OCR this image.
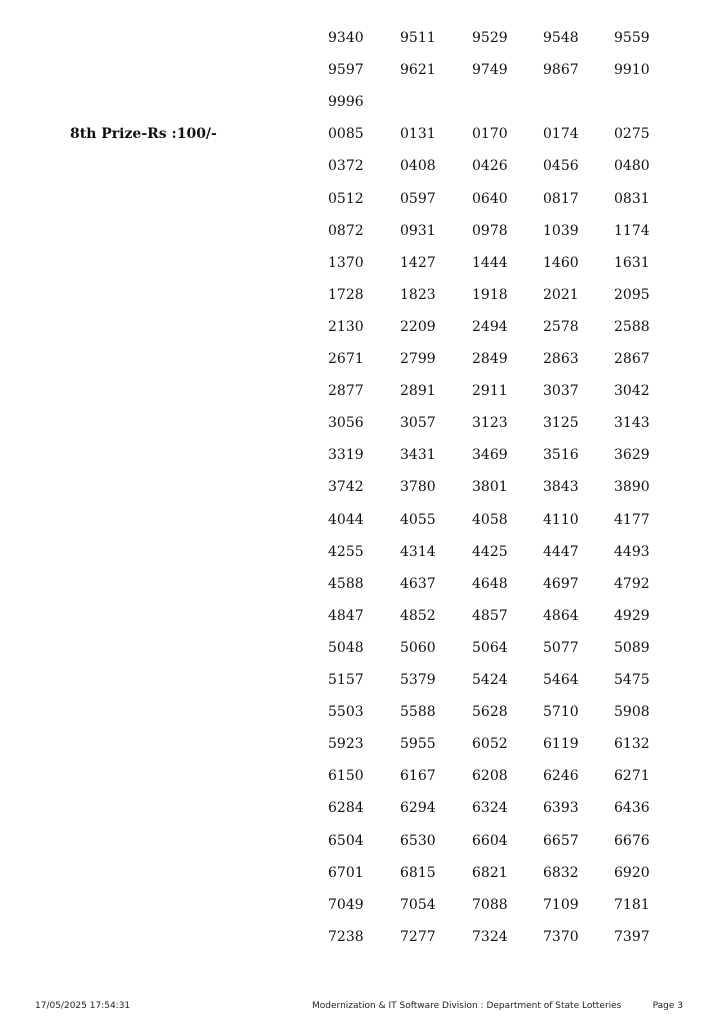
9340	9511	9529	9548	9559
9597	9621	9749	9867	9910
9996
8th Prize-Rs :100/-	0085	0131	0170	0174	0275
0372	0408	0426	0456	0480
0512	0597	0640	0817	0831
0872	0931	0978	1039	1174
1370	1427	1444	1460	1631
1728	1823	1918	2021	2095
2130	2209	2494	2578	2588
2671	2799	2849	2863	2867
2877	2891	2911	3037	3042
3056	3057	3123	3125	3143
3319	3431	3469	3516	3629
3742	3780	3801	3843	3890
4044	4055	4058	4110	4177
4255	4314	4425	4447	4493
4588	4637	4648	4697	4792
4847	4852	4857	4864	4929
5048	5060	5064	5077	5089
5157	5379	5424	5464	5475
5503	5588	5628	5710	5908
5923	5955	6052	6119	6132
6150	6167	6208	6246	6271
6284	6294	6324	6393	6436
6504	6530	6604	6657	6676
6701	6815	6821	6832	6920
7049	7054	7088	7109	7181
7238	7277	7324	7370	7397
17/05/2025 17:54:31	Modernization & IT Software Division : Department of State Lotteries	Page 3
